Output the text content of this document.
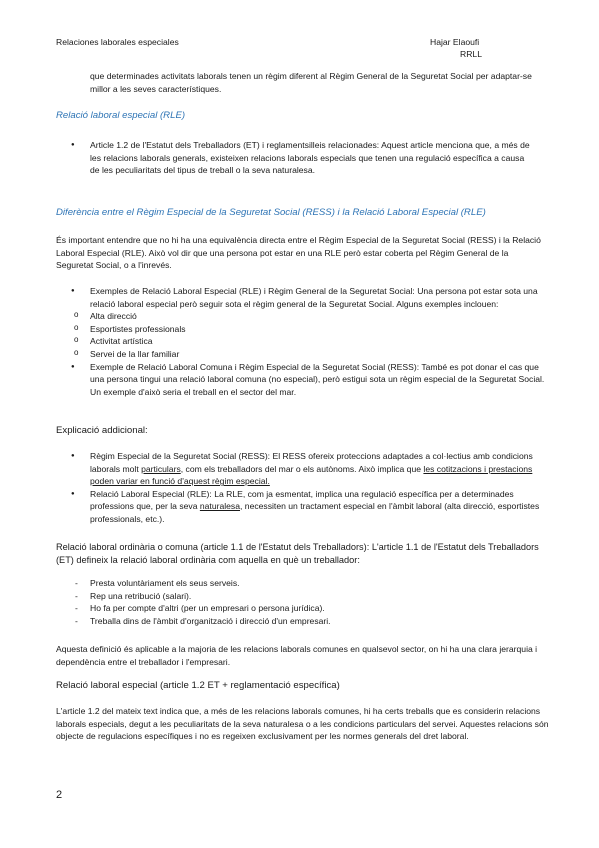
Relaciones laborales especiales	Hajar Elaoufi
RRLL

que determinades activitats laborals tenen un règim diferent al Règim General de la Seguretat Social per adaptar-se millor a les seves característiques.

Relació laboral especial (RLE)
● Article 1.2 de l'Estatut dels Treballadors (ET) i reglamentsilleis relacionades: Aquest article menciona que, a més de les relacions laborals generals, existeixen relacions laborals especials que tenen una regulació específica a causa de les peculiaritats del tipus de treball o la seva naturalesa.
Diferència entre el Règim Especial de la Seguretat Social (RESS) i la Relació Laboral Especial (RLE)

És important entendre que no hi ha una equivalència directa entre el Règim Especial de la Seguretat Social (RESS) i la Relació Laboral Especial (RLE). Això vol dir que una persona pot estar en una RLE però estar coberta pel Règim General de la Seguretat Social, o a l'inrevés.

● Exemples de Relació Laboral Especial (RLE) i Règim General de la Seguretat Social: Una persona pot estar sota una relació laboral especial però seguir sota el règim general de la Seguretat Social. Alguns exemples inclouen:
o Alta direcció
o Esportistes professionals
o Activitat artística
o Servei de la llar familiar
● Exemple de Relació Laboral Comuna i Règim Especial de la Seguretat Social (RESS): També es pot donar el cas que una persona tingui una relació laboral comuna (no especial), però estigui sota un règim especial de la Seguretat Social. Un exemple d'això seria el treball en el sector del mar.
Explicació addicional:
● Règim Especial de la Seguretat Social (RESS): El RESS ofereix proteccions adaptades a col·lectius amb condicions laborals molt particulars, com els treballadors del mar o els autònoms. Això implica que les cotitzacions i prestacions poden variar en funció d'aquest règim especial.
● Relació Laboral Especial (RLE): La RLE, com ja esmentat, implica una regulació específica per a determinades professions que, per la seva naturalesa, necessiten un tractament especial en l'àmbit laboral (alta direcció, esportistes professionals, etc.).

Relació laboral ordinària o comuna (article 1.1 de l'Estatut dels Treballadors): L'article 1.1 de l'Estatut dels Treballadors (ET) defineix la relació laboral ordinària com aquella en què un treballador:

- Presta voluntàriament els seus serveis.
- Rep una retribució (salari).
- Ho fa per compte d'altri (per un empresari o persona jurídica).
- Treballa dins de l'àmbit d'organització i direcció d'un empresari.

Aquesta definició és aplicable a la majoria de les relacions laborals comunes en qualsevol sector, on hi ha una clara jerarquia i dependència entre el treballador i l'empresari.

Relació laboral especial (article 1.2 ET + reglamentació específica)

L'article 1.2 del mateix text indica que, a més de les relacions laborals comunes, hi ha certs treballs que es considerin relacions laborals especials, degut a les peculiaritats de la seva naturalesa o a les condicions particulars del servei. Aquestes relacions són objecte de regulacions específiques i no es regeixen exclusivament per les normes generals del dret laboral.

2
